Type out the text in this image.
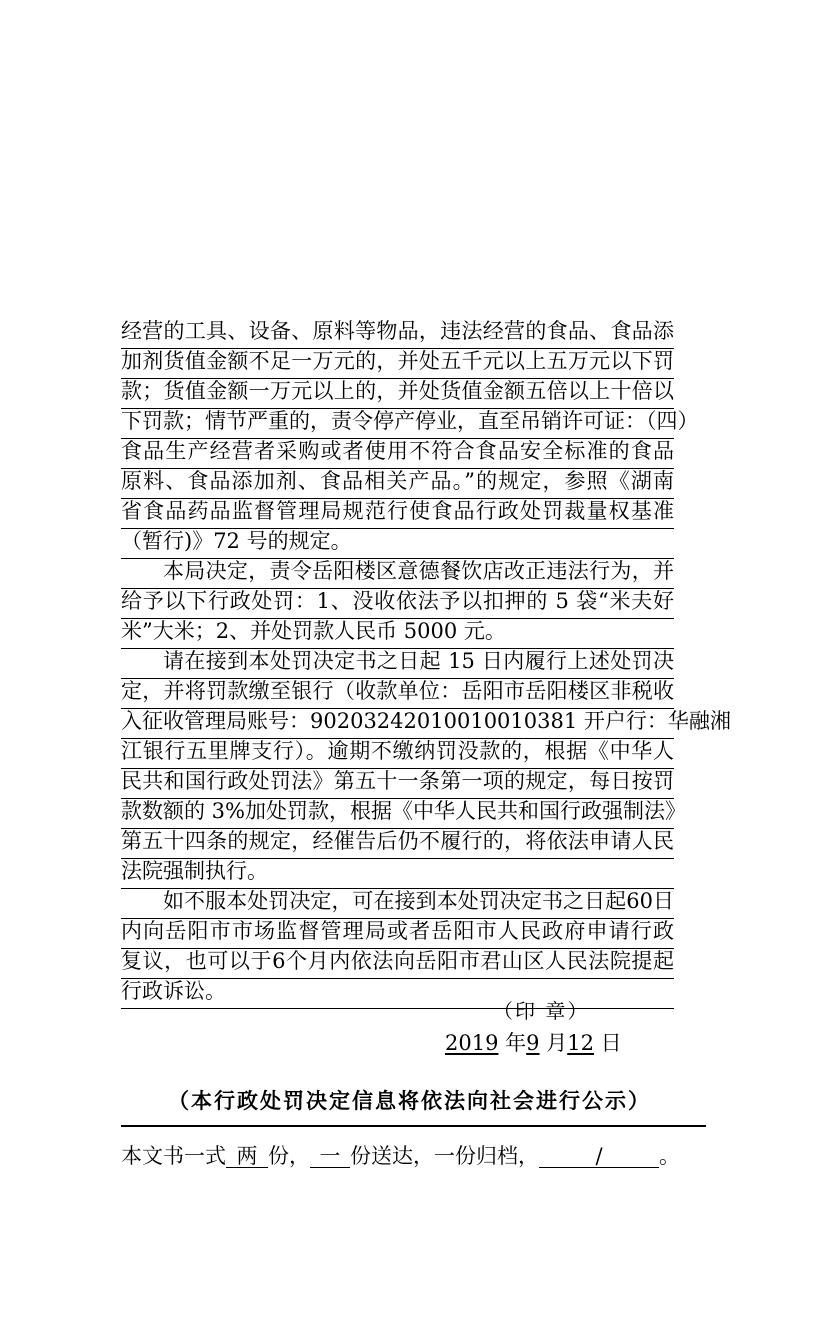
经营的工具、设备、原料等物品，违法经营的食品、食品添
加剂货值金额不足一万元的，并处五千元以上五万元以下罚
款；货值金额一万元以上的，并处货值金额五倍以上十倍以
下罚款；情节严重的，责令停产停业，直至吊销许可证：（四）
食品生产经营者采购或者使用不符合食品安全标准的食品
原料、食品添加剂、食品相关产品。”的规定，参照《湖南
省食品药品监督管理局规范行使食品行政处罚裁量权基准
（暂行)》72 号的规定。
本局决定，责令岳阳楼区意德餐饮店改正违法行为，并
给予以下行政处罚：1、没收依法予以扣押的 5 袋“米夫好
米”大米；2、并处罚款人民币 5000 元。
请在接到本处罚决定书之日起 15 日内履行上述处罚决
定，并将罚款缴至银行（收款单位：岳阳市岳阳楼区非税收
入征收管理局账号：90203242010010010381 开户行：华融湘
江银行五里牌支行）。逾期不缴纳罚没款的，根据《中华人
民共和国行政处罚法》第五十一条第一项的规定，每日按罚
款数额的 3%加处罚款，根据《中华人民共和国行政强制法》
第五十四条的规定，经催告后仍不履行的，将依法申请人民
法院强制执行。
如不服本处罚决定，可在接到本处罚决定书之日起60日
内向岳阳市市场监督管理局或者岳阳市人民政府申请行政
复议，也可以于6个月内依法向岳阳市君山区人民法院提起
行政诉讼。
（印 章）
2019 年9 月12 日
（本行政处罚决定信息将依法向社会进行公示）
本文书一式 两 份， 一 份送达，一份归档，	/	。
